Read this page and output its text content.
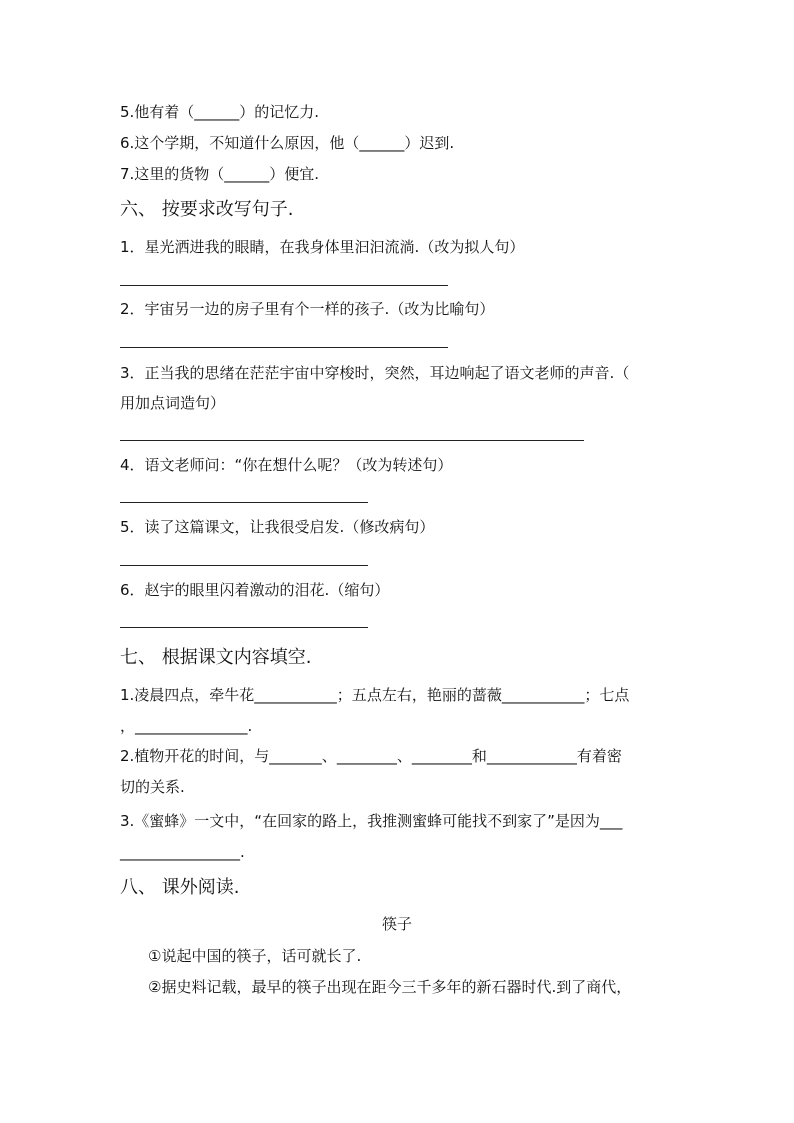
5.他有着（______）的记忆力.
6.这个学期，不知道什么原因，他（______）迟到.
7.这里的货物（______）便宜.
六、 按要求改写句子.
1．星光洒进我的眼睛，在我身体里汩汩流淌.（改为拟人句）
2．宇宙另一边的房子里有个一样的孩子.（改为比喻句）
3．正当我的思绪在茫茫宇宙中穿梭时，突然，耳边响起了语文老师的声音.（
用加点词造句）
4．语文老师问：“你在想什么呢？（改为转述句）
5．读了这篇课文，让我很受启发.（修改病句）
6．赵宇的眼里闪着激动的泪花.（缩句）
七、 根据课文内容填空.
1.凌晨四点，牵牛花___________；五点左右，艳丽的蔷薇___________；七点
，_______________.
2.植物开花的时间，与_______、________、________和____________有着密
切的关系.
3.《蜜蜂》一文中，“在回家的路上，我推测蜜蜂可能找不到家了”是因为___
________________.
八、 课外阅读.
筷子
①说起中国的筷子，话可就长了.
②据史料记载，最早的筷子出现在距今三千多年的新石器时代.到了商代，
